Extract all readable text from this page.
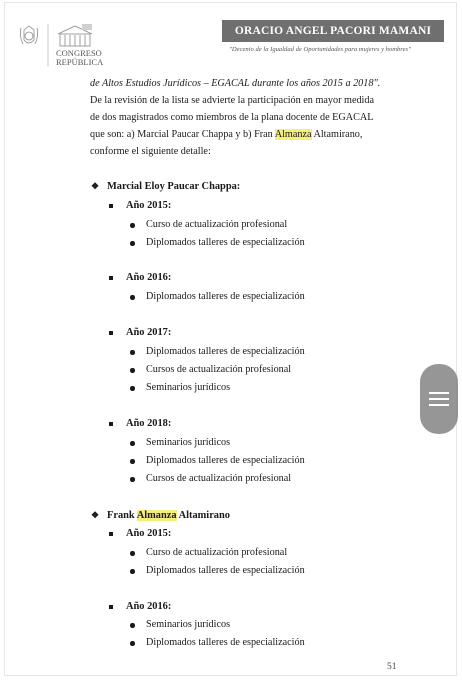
CONGRESO
REPÚBLICA
ORACIO ANGEL PACORI MAMANI
"Decenio de la Igualdad de Oportunidades para mujeres y hombres"
de Altos Estudios Jurídicos – EGACAL durante los años 2015 a 2018".
De la revisión de la lista se advierte la participación en mayor medida
de dos magistrados como miembros de la plana docente de EGACAL
que son: a) Marcial Paucar Chappa y b) Fran Almanza Altamirano,
conforme el siguiente detalle:
❖ Marcial Eloy Paucar Chappa:
Año 2015:
Curso de actualización profesional
Diplomados talleres de especialización
Año 2016:
Diplomados talleres de especialización
Año 2017:
Diplomados talleres de especialización
Cursos de actualización profesional
Seminarios jurídicos
Año 2018:
Seminarios jurídicos
Diplomados talleres de especialización
Cursos de actualización profesional
❖ Frank Almanza Altamirano
Año 2015:
Curso de actualización profesional
Diplomados talleres de especialización
Año 2016:
Seminarios jurídicos
Diplomados talleres de especialización
51
